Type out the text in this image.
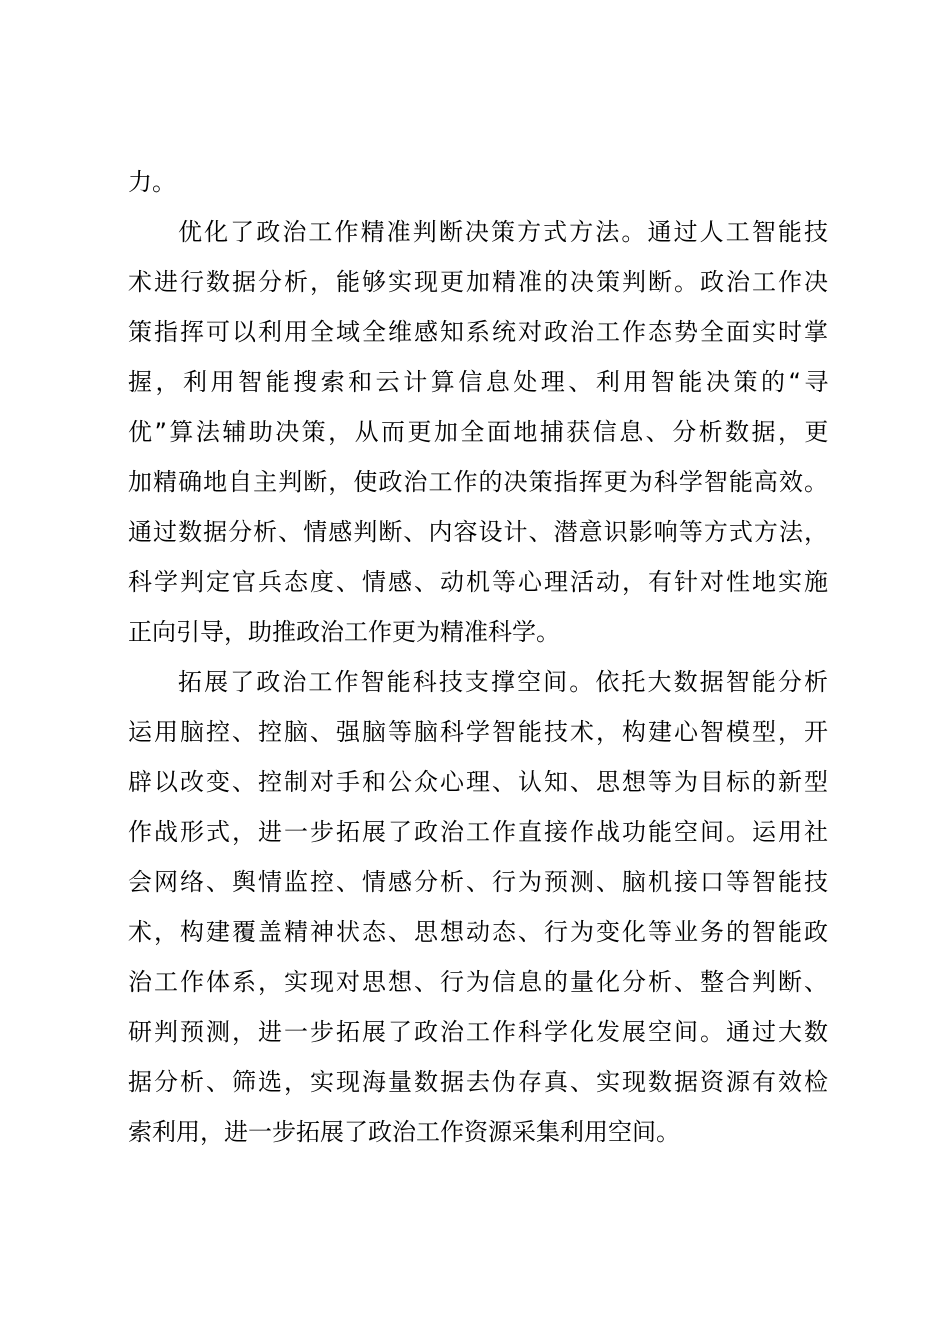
力。
优化了政治工作精准判断决策方式方法。通过人工智能技
术进行数据分析，能够实现更加精准的决策判断。政治工作决
策指挥可以利用全域全维感知系统对政治工作态势全面实时掌
握，利用智能搜索和云计算信息处理、利用智能决策的“寻
优”算法辅助决策，从而更加全面地捕获信息、分析数据，更
加精确地自主判断，使政治工作的决策指挥更为科学智能高效。
通过数据分析、情感判断、内容设计、潜意识影响等方式方法，
科学判定官兵态度、情感、动机等心理活动，有针对性地实施
正向引导，助推政治工作更为精准科学。
拓展了政治工作智能科技支撑空间。依托大数据智能分析
运用脑控、控脑、强脑等脑科学智能技术，构建心智模型，开
辟以改变、控制对手和公众心理、认知、思想等为目标的新型
作战形式，进一步拓展了政治工作直接作战功能空间。运用社
会网络、舆情监控、情感分析、行为预测、脑机接口等智能技
术，构建覆盖精神状态、思想动态、行为变化等业务的智能政
治工作体系，实现对思想、行为信息的量化分析、整合判断、
研判预测，进一步拓展了政治工作科学化发展空间。通过大数
据分析、筛选，实现海量数据去伪存真、实现数据资源有效检
索利用，进一步拓展了政治工作资源采集利用空间。
